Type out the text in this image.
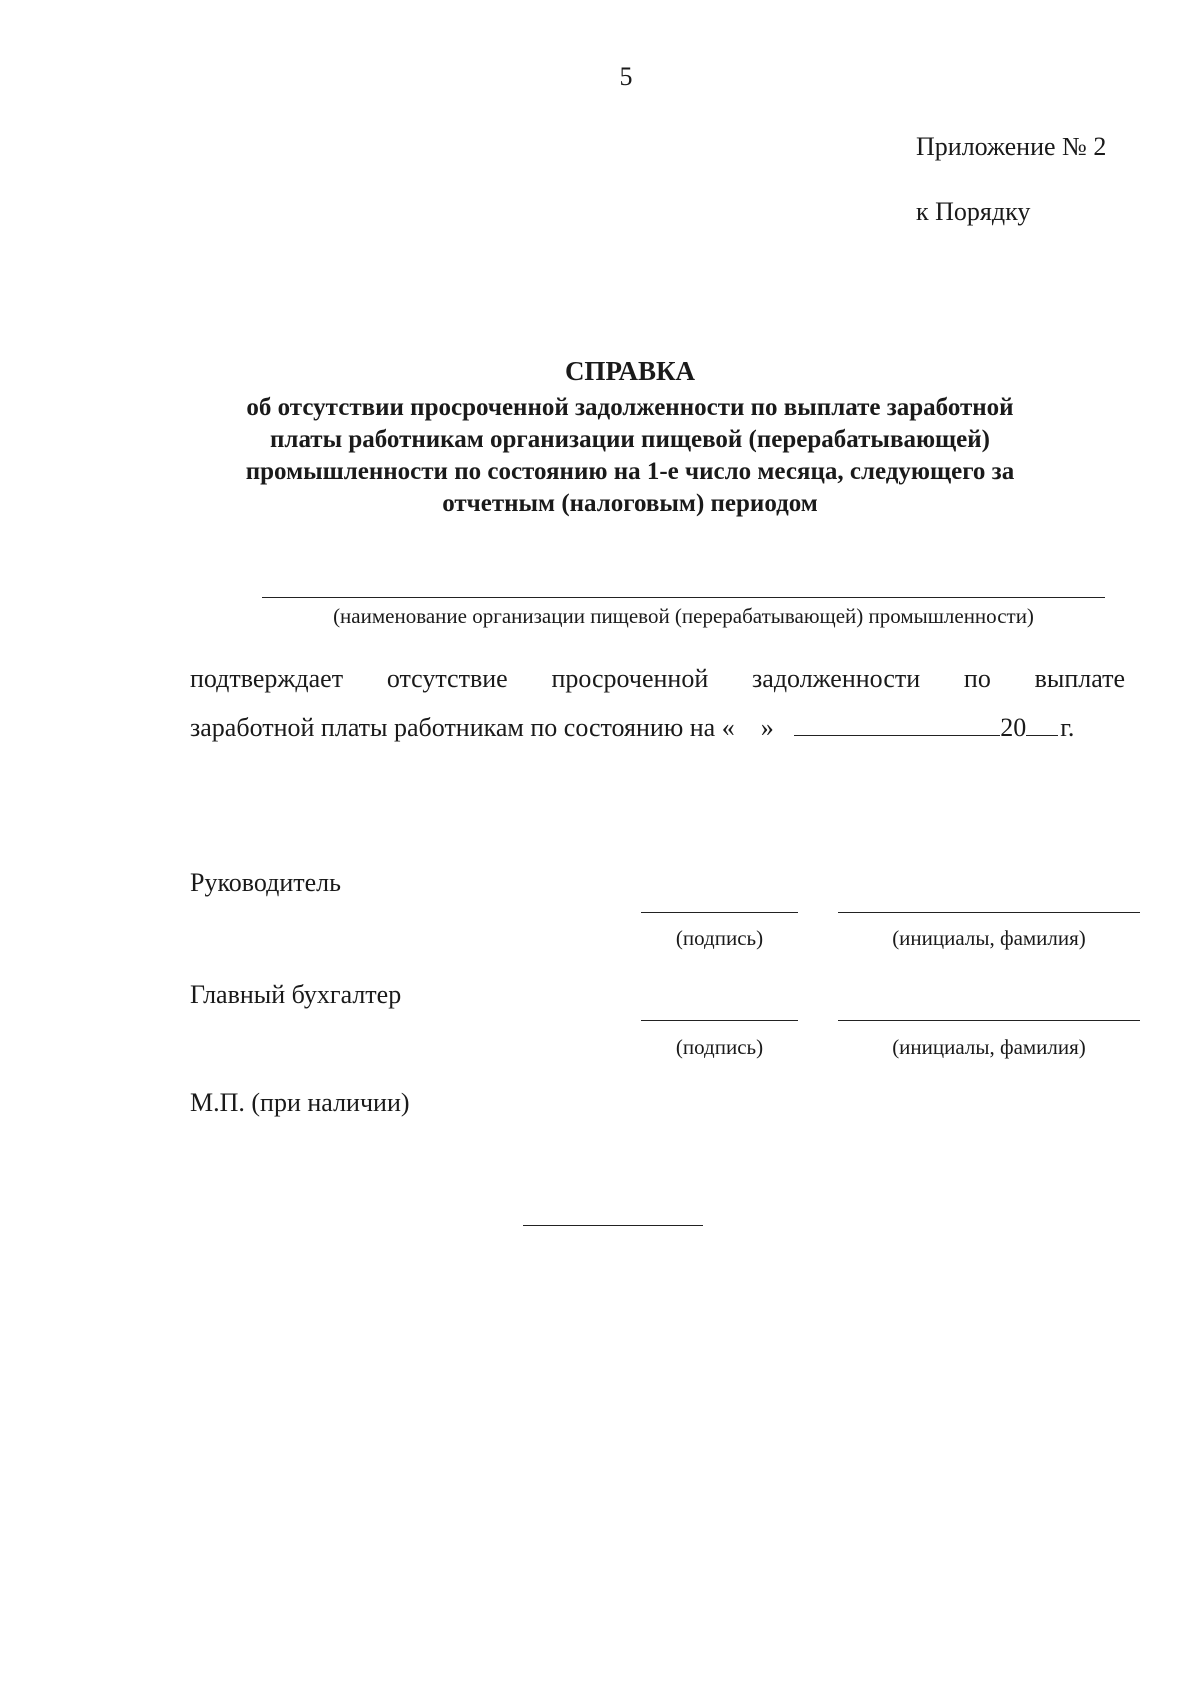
5
Приложение № 2
к Порядку
СПРАВКА
об отсутствии просроченной задолженности по выплате заработной
платы работникам организации пищевой (перерабатывающей)
промышленности по состоянию на 1-е число месяца, следующего за
отчетным (налоговым) периодом
(наименование организации пищевой (перерабатывающей) промышленности)
подтверждает отсутствие просроченной задолженности по выплате
заработной платы работникам по состоянию на « »	20 г.
Руководитель
(подпись)	(инициалы, фамилия)
Главный бухгалтер
(подпись)	(инициалы, фамилия)
М.П. (при наличии)
